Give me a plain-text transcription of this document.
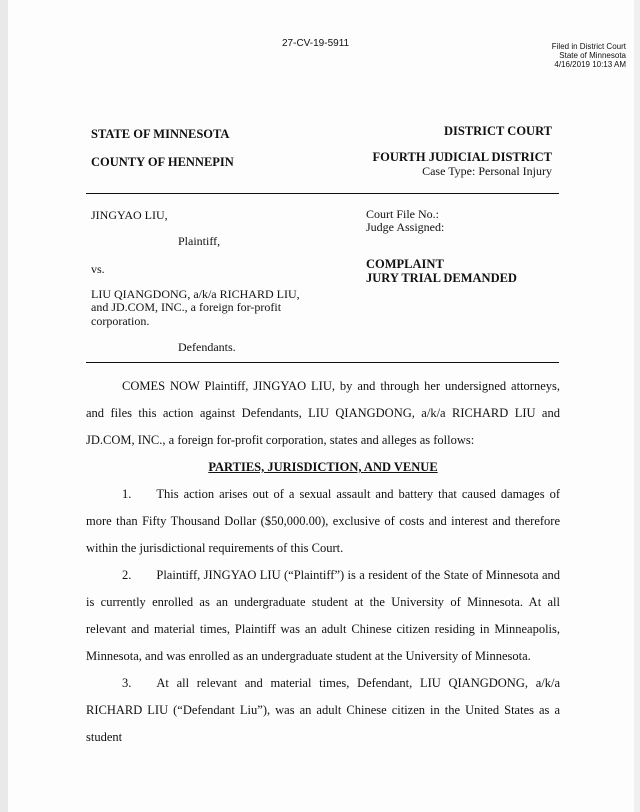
27-CV-19-5911	Filed in District Court
State of Minnesota
4/16/2019 10:13 AM
STATE OF MINNESOTA
COUNTY OF HENNEPIN
DISTRICT COURT
FOURTH JUDICIAL DISTRICT
Case Type: Personal Injury
JINGYAO LIU,
Plaintiff,
vs.
LIU QIANGDONG, a/k/a RICHARD LIU,
and JD.COM, INC., a foreign for-profit
corporation.
Defendants.
Court File No.:
Judge Assigned:
COMPLAINT
JURY TRIAL DEMANDED

COMES NOW Plaintiff, JINGYAO LIU, by and through her undersigned attorneys, and files this action against Defendants, LIU QIANGDONG, a/k/a RICHARD LIU and JD.COM, INC., a foreign for-profit corporation, states and alleges as follows:

PARTIES, JURISDICTION, AND VENUE

1.  This action arises out of a sexual assault and battery that caused damages of more than Fifty Thousand Dollar ($50,000.00), exclusive of costs and interest and therefore within the jurisdictional requirements of this Court.

2.  Plaintiff, JINGYAO LIU (“Plaintiff”) is a resident of the State of Minnesota and is currently enrolled as an undergraduate student at the University of Minnesota. At all relevant and material times, Plaintiff was an adult Chinese citizen residing in Minneapolis, Minnesota, and was enrolled as an undergraduate student at the University of Minnesota.

3.  At all relevant and material times, Defendant, LIU QIANGDONG, a/k/a RICHARD LIU (“Defendant Liu”), was an adult Chinese citizen in the United States as a student
